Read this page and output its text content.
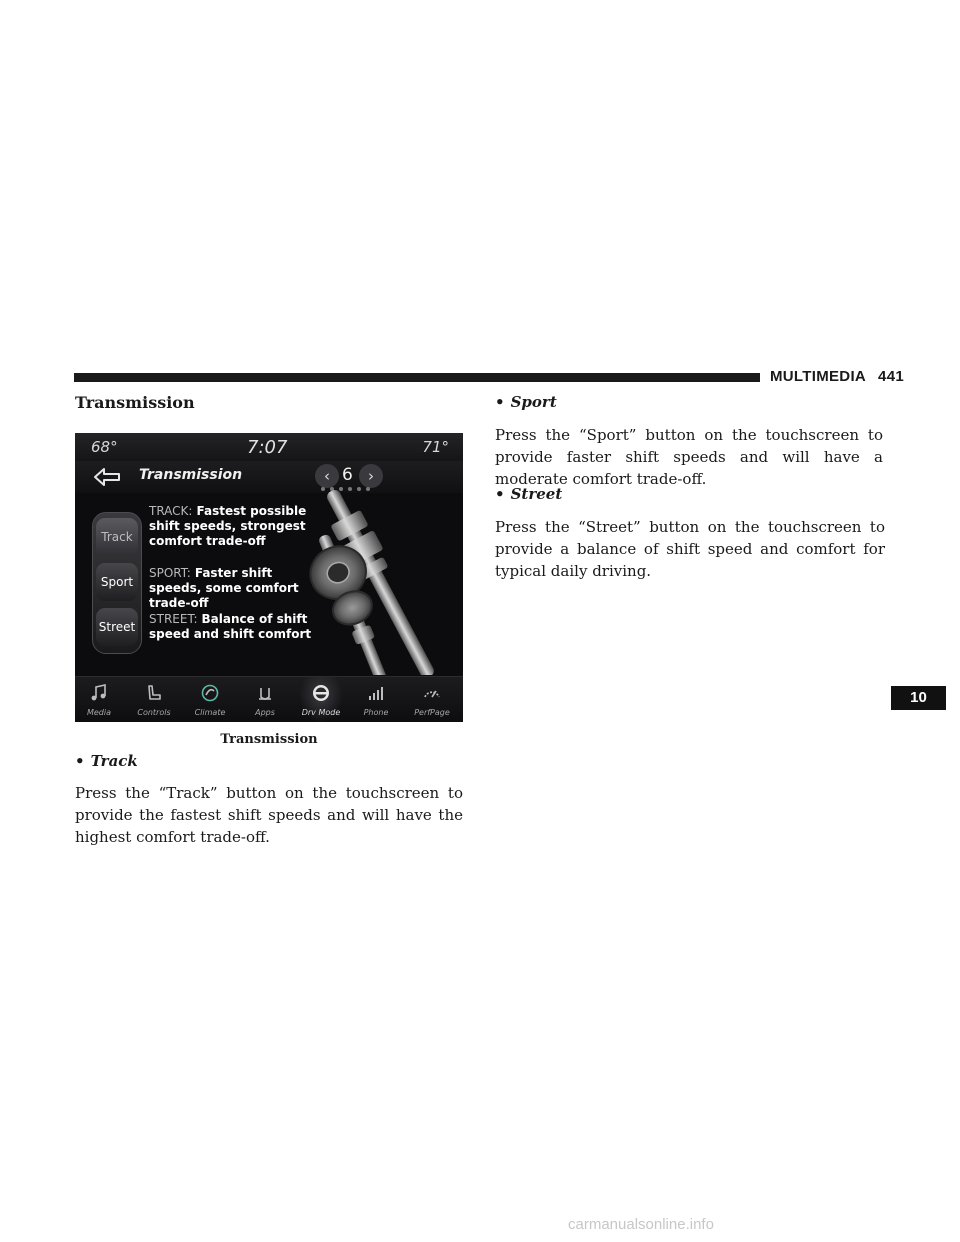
MULTIMEDIA 441
Transmission
68°	7:07	71°
Transmission	‹ 6	›
Track
Sport
Street
TRACK: Fastest possible shift speeds, strongest comfort trade-off
SPORT: Faster shift speeds, some comfort trade-off
STREET: Balance of shift speed and shift comfort
Media	Controls	Climate	Apps	Drv Mode	Phone	PerfPage
Transmission
• Track
Press the “Track” button on the touchscreen to provide the fastest shift speeds and will have the highest comfort trade-off.
• Sport
Press the “Sport” button on the touchscreen to provide faster shift speeds and will have a moderate comfort trade-off.
• Street
Press the “Street” button on the touchscreen to provide a balance of shift speed and comfort for typical daily driving.
10
carmanualsonline.info
